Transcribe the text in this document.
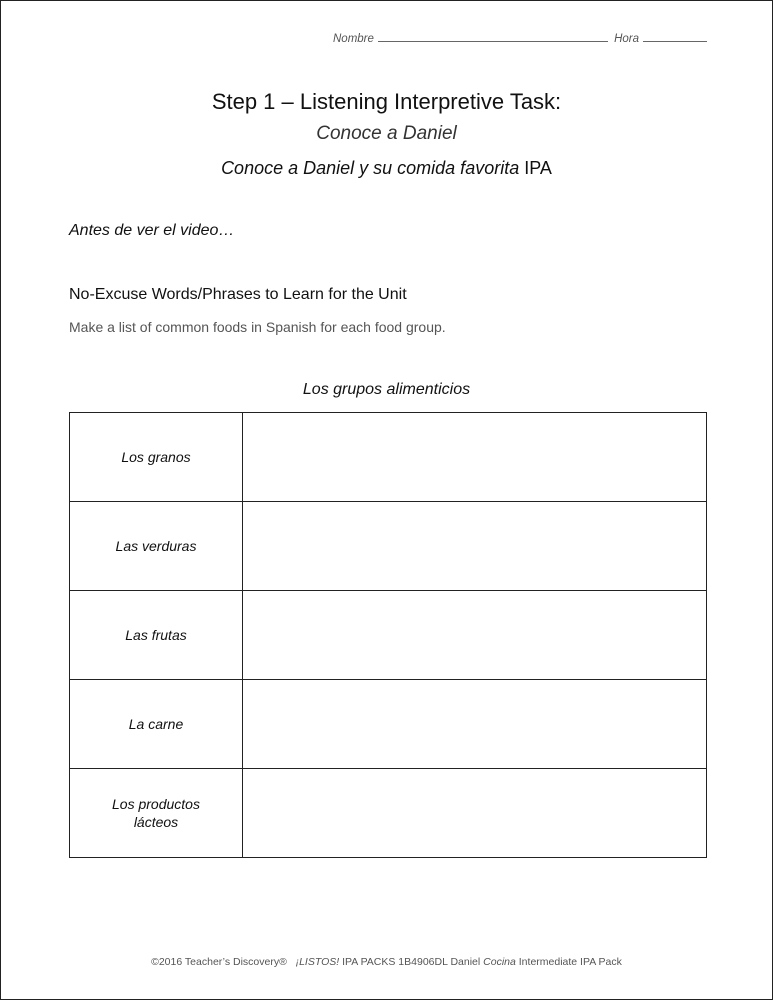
Nombre	Hora
Step 1 – Listening Interpretive Task:
Conoce a Daniel
Conoce a Daniel y su comida favorita IPA
Antes de ver el video…
No-Excuse Words/Phrases to Learn for the Unit
Make a list of common foods in Spanish for each food group.
Los grupos alimenticios
Los granos	
Las verduras	
Las frutas	
La carne	
Los productos
lácteos	
©2016 Teacher’s Discovery® ¡LISTOS! IPA PACKS 1B4906DL Daniel Cocina Intermediate IPA Pack
